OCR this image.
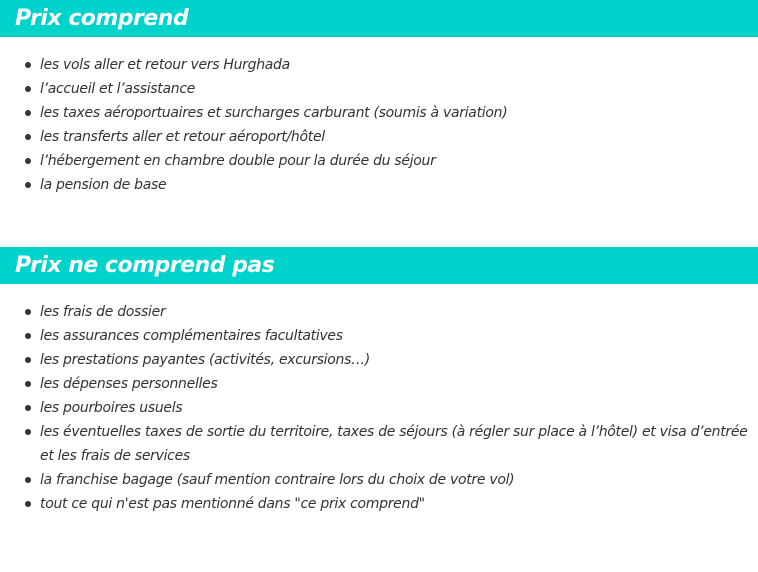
Prix comprend
les vols aller et retour vers Hurghada
l’accueil et l’assistance
les taxes aéroportuaires et surcharges carburant (soumis à variation)
les transferts aller et retour aéroport/hôtel
l’hébergement en chambre double pour la durée du séjour
la pension de base
Prix ne comprend pas
les frais de dossier
les assurances complémentaires facultatives
les prestations payantes (activités, excursions…)
les dépenses personnelles
les pourboires usuels
les éventuelles taxes de sortie du territoire, taxes de séjours (à régler sur place à l’hôtel) et visa d’entrée et les frais de services
la franchise bagage (sauf mention contraire lors du choix de votre vol)
tout ce qui n'est pas mentionné dans "ce prix comprend"
